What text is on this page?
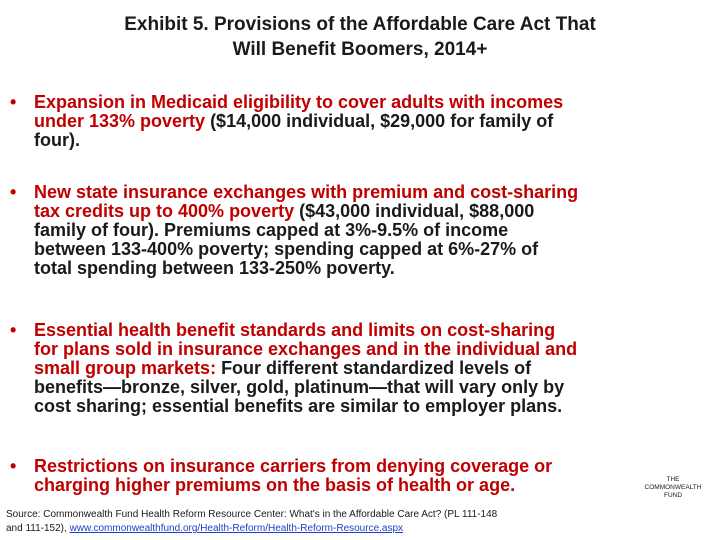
Exhibit 5. Provisions of the Affordable Care Act That
Will Benefit Boomers, 2014+
• Expansion in Medicaid eligibility to cover adults with incomes
under 133% poverty ($14,000 individual, $29,000 for family of
four).
• New state insurance exchanges with premium and cost-sharing
tax credits up to 400% poverty ($43,000 individual, $88,000
family of four). Premiums capped at 3%-9.5% of income
between 133-400% poverty; spending capped at 6%-27% of
total spending between 133-250% poverty.
• Essential health benefit standards and limits on cost-sharing
for plans sold in insurance exchanges and in the individual and
small group markets: Four different standardized levels of
benefits—bronze, silver, gold, platinum—that will vary only by
cost sharing; essential benefits are similar to employer plans.
• Restrictions on insurance carriers from denying coverage or
charging higher premiums on the basis of health or age.	THE
COMMONWEALTH
FUND
Source: Commonwealth Fund Health Reform Resource Center: What's in the Affordable Care Act? (PL 111-148
and 111-152), www.commonwealthfund.org/Health-Reform/Health-Reform-Resource.aspx
